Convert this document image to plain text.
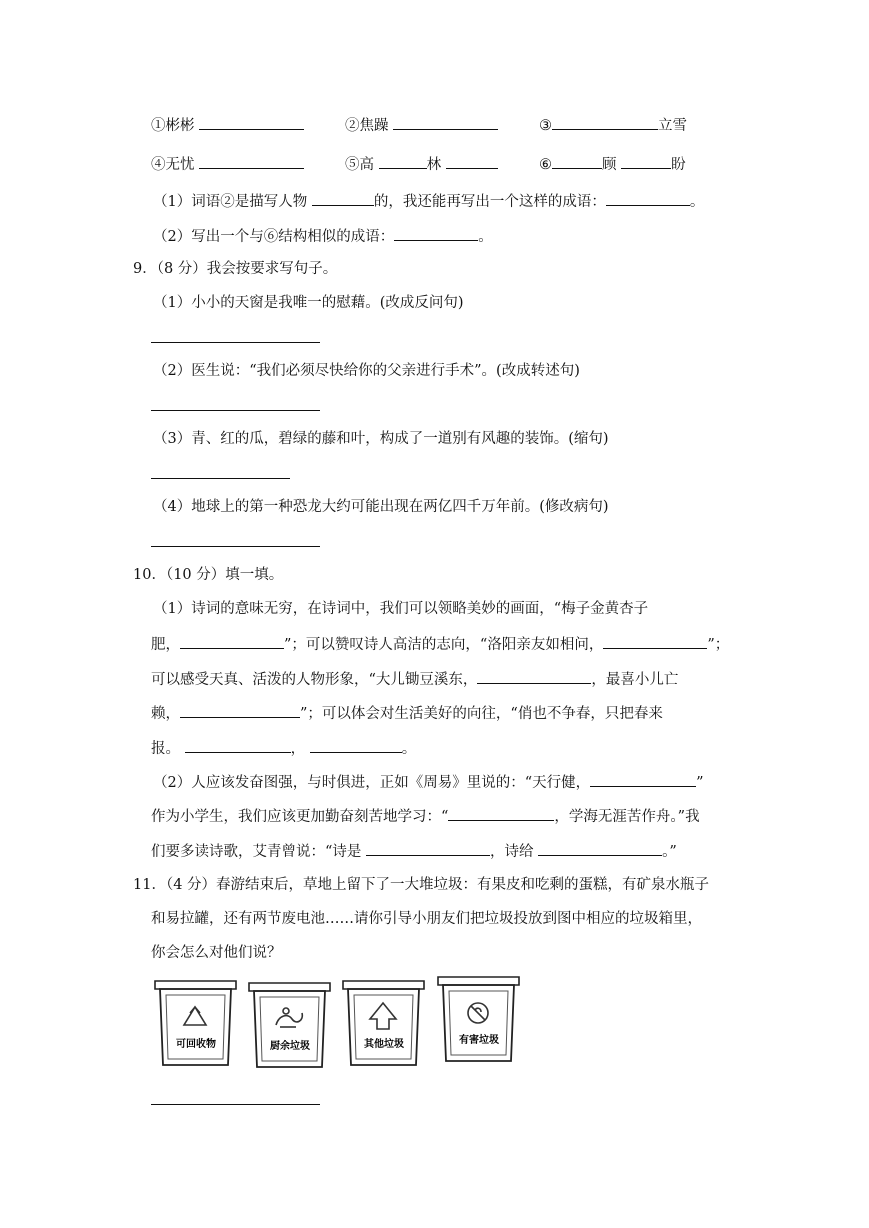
①彬彬	②焦躁	③	立雪
④无忧	⑤高	林	⑥	顾	盼
（1）词语②是描写人物	的，我还能再写出一个这样的成语：	。
（2）写出一个与⑥结构相似的成语：	。
9．（8 分）我会按要求写句子。
（1）小小的天窗是我唯一的慰藉。(改成反问句)
（2）医生说：“我们必须尽快给你的父亲进行手术”。(改成转述句)
（3）青、红的瓜，碧绿的藤和叶，构成了一道别有风趣的装饰。(缩句)
（4）地球上的第一种恐龙大约可能出现在两亿四千万年前。(修改病句)
10．（10 分）填一填。
（1）诗词的意味无穷，在诗词中，我们可以领略美妙的画面，“梅子金黄杏子
肥，	”；可以赞叹诗人高洁的志向，“洛阳亲友如相问，	”；
可以感受天真、活泼的人物形象，“大儿锄豆溪东，	，最喜小儿亡
赖，	”；可以体会对生活美好的向往，“俏也不争春，只把春来
报。	，	。
（2）人应该发奋图强，与时俱进，正如《周易》里说的：“天行健，	”
作为小学生，我们应该更加勤奋刻苦地学习：“	，学海无涯苦作舟。”我
们要多读诗歌，艾青曾说：“诗是	，诗给	。”
11．（4 分）春游结束后，草地上留下了一大堆垃圾：有果皮和吃剩的蛋糕，有矿泉水瓶子
和易拉罐，还有两节废电池……请你引导小朋友们把垃圾投放到图中相应的垃圾箱里，
你会怎么对他们说？
可回收物	厨余垃圾	其他垃圾	有害垃圾
